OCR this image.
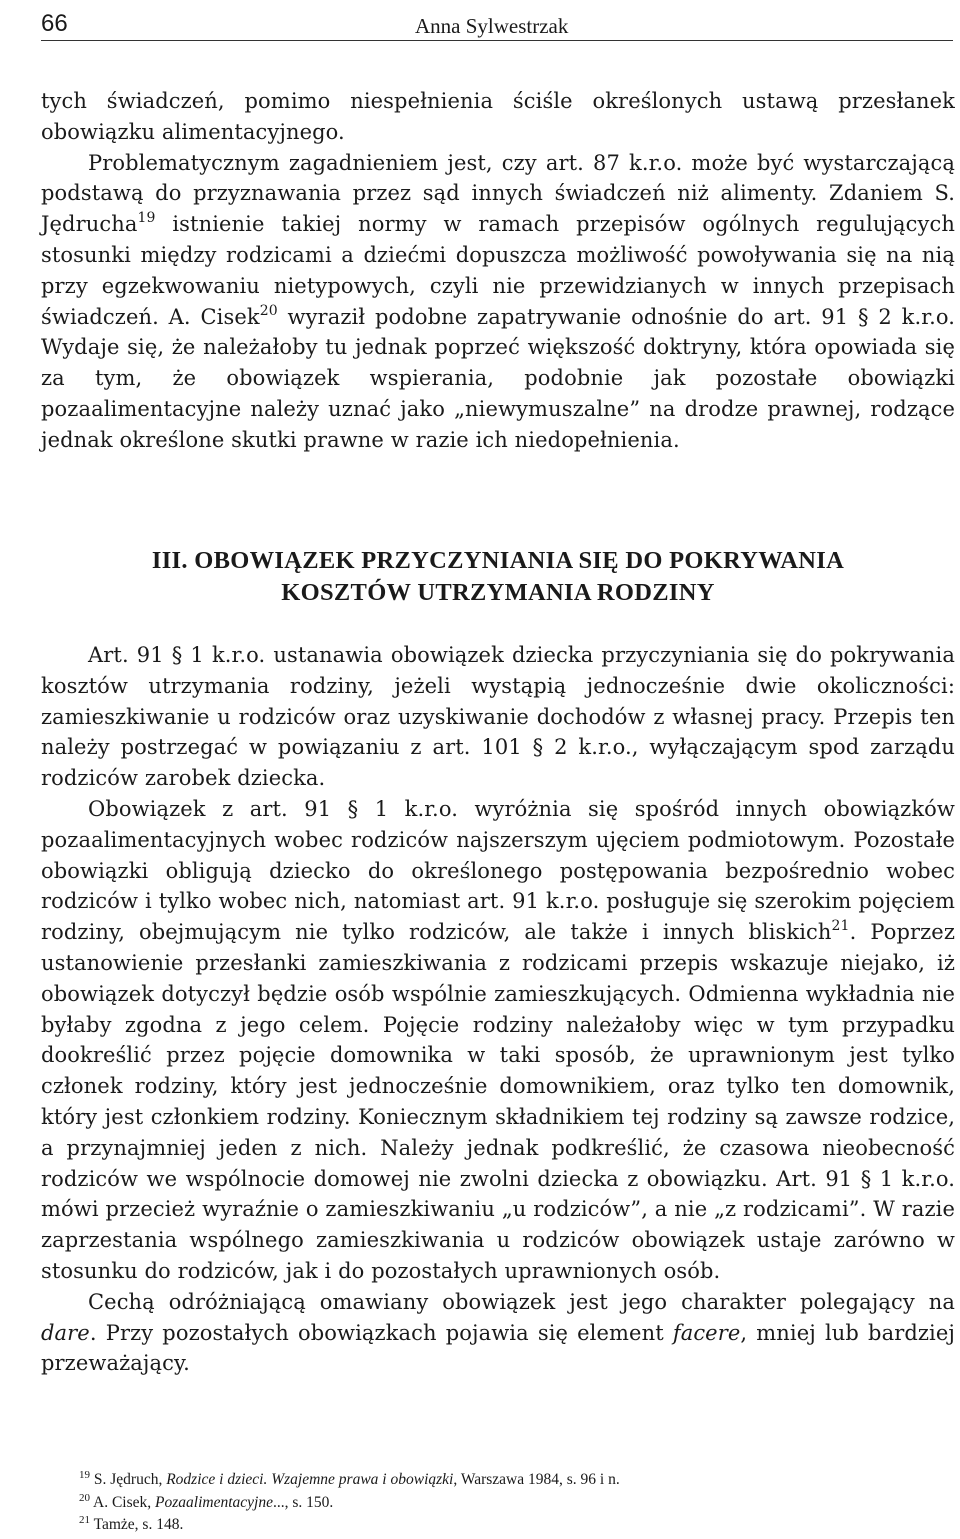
66	Anna Sylwestrzak

tych świadczeń, pomimo niespełnienia ściśle określonych ustawą przesłanek obowiązku alimentacyjnego.

Problematycznym zagadnieniem jest, czy art. 87 k.r.o. może być wystarczającą podstawą do przyznawania przez sąd innych świadczeń niż alimenty. Zdaniem S. Jędrucha$^{19}$ istnienie takiej normy w ramach przepisów ogólnych regulujących stosunki między rodzicami a dziećmi dopuszcza możliwość powoływania się na nią przy egzekwowaniu nietypowych, czyli nie przewidzianych w innych przepisach świadczeń. A. Cisek$^{20}$ wyraził podobne zapatrywanie odnośnie do art. 91 § 2 k.r.o. Wydaje się, że należałoby tu jednak poprzeć większość doktryny, która opowiada się za tym, że obowiązek wspierania, podobnie jak pozostałe obowiązki pozaalimentacyjne należy uznać jako „niewymuszalne” na drodze prawnej, rodzące jednak określone skutki prawne w razie ich niedopełnienia.

III. OBOWIĄZEK PRZYCZYNIANIA SIĘ DO POKRYWANIA
KOSZTÓW UTRZYMANIA RODZINY

Art. 91 § 1 k.r.o. ustanawia obowiązek dziecka przyczyniania się do pokrywania kosztów utrzymania rodziny, jeżeli wystąpią jednocześnie dwie okoliczności: zamieszkiwanie u rodziców oraz uzyskiwanie dochodów z własnej pracy. Przepis ten należy postrzegać w powiązaniu z art. 101 § 2 k.r.o., wyłączającym spod zarządu rodziców zarobek dziecka.

Obowiązek z art. 91 § 1 k.r.o. wyróżnia się spośród innych obowiązków pozaalimentacyjnych wobec rodziców najszerszym ujęciem podmiotowym. Pozostałe obowiązki obligują dziecko do określonego postępowania bezpośrednio wobec rodziców i tylko wobec nich, natomiast art. 91 k.r.o. posługuje się szerokim pojęciem rodziny, obejmującym nie tylko rodziców, ale także i innych bliskich$^{21}$. Poprzez ustanowienie przesłanki zamieszkiwania z rodzicami przepis wskazuje niejako, iż obowiązek dotyczył będzie osób wspólnie zamieszkujących. Odmienna wykładnia nie byłaby zgodna z jego celem. Pojęcie rodziny należałoby więc w tym przypadku dookreślić przez pojęcie domownika w taki sposób, że uprawnionym jest tylko członek rodziny, który jest jednocześnie domownikiem, oraz tylko ten domownik, który jest członkiem rodziny. Koniecznym składnikiem tej rodziny są zawsze rodzice, a przynajmniej jeden z nich. Należy jednak podkreślić, że czasowa nieobecność rodziców we wspólnocie domowej nie zwolni dziecka z obowiązku. Art. 91 § 1 k.r.o. mówi przecież wyraźnie o zamieszkiwaniu „u rodziców”, a nie „z rodzicami”. W razie zaprzestania wspólnego zamieszkiwania u rodziców obowiązek ustaje zarówno w stosunku do rodziców, jak i do pozostałych uprawnionych osób.

Cechą odróżniającą omawiany obowiązek jest jego charakter polegający na dare. Przy pozostałych obowiązkach pojawia się element facere, mniej lub bardziej przeważający.

$^{19}$ S. Jędruch, Rodzice i dzieci. Wzajemne prawa i obowiązki, Warszawa 1984, s. 96 i n.

$^{20}$ A. Cisek, Pozaalimentacyjne..., s. 150.

$^{21}$ Tamże, s. 148.
